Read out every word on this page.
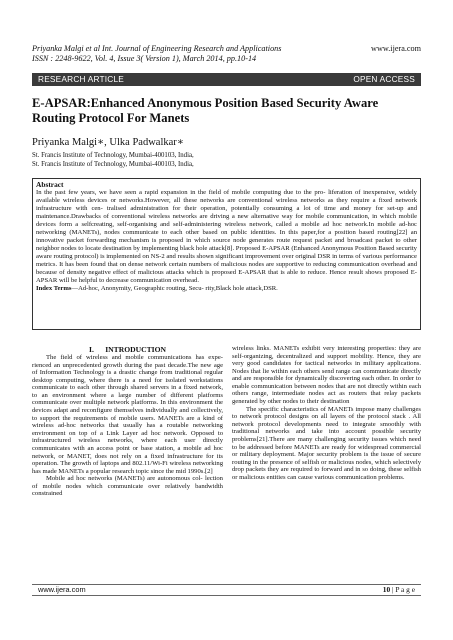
Priyanka Malgi et al Int. Journal of Engineering Research and Applications
ISSN : 2248-9622, Vol. 4, Issue 3( Version 1), March 2014, pp.10-14
www.ijera.com
RESEARCH ARTICLE	OPEN ACCESS
E-APSAR:Enhanced Anonymous Position Based Security Aware Routing Protocol For Manets
Priyanka Malgi∗, Ulka Padwalkar∗
St. Francis Institute of Technology, Mumbai-400103, India,
St. Francis Institute of Technology, Mumbai-400103, India,
Abstract
In the past few years, we have seen a rapid expansion in the field of mobile computing due to the pro- liferation of inexpensive, widely available wireless devices or networks.However, all these networks are conventional wireless networks as they require a fixed network infrastructure with cen- tralised administration for their operation, potentially consuming a lot of time and money for set-up and maintenance.Drawbacks of conventional wireless networks are driving a new alternative way for mobile communication, in which mobile devices form a selfcreating, self-organising and self-administering wireless network, called a mobile ad hoc network.In mobile ad-hoc networking (MANETs), nodes communicate to each other based on public identities. In this paper,for a position based routing[22] an innovative packet forwarding mechanism is proposed in which source node generates route request packet and broadcast packet to other neighbor nodes to locate destination by implementing black hole attack[8]. Proposed E-APSAR (Enhanced Anonymous Position Based security aware routing protocol) is implemented on NS-2 and results shown significant improvement over original DSR in terms of various performance metrics. It has been found that on dense network certain numbers of malicious nodes are supportive to reducing communication overhead and because of density negative effect of malicious attacks which is proposed E-APSAR that is able to reduce. Hence result shows proposed E-APSAR will be helpful to decrease communication overhead.
Index Terms—Ad-hoc, Anonymity, Geographic routing, Secu- rity,Black hole attack,DSR.
I.      INTRODUCTION

The field of wireless and mobile communications has expe- rienced an unprecedented growth during the past decade.The new age of Information Technology is a drastic change from traditional regular desktop computing, where there is a need for isolated workstations communicate to each other through shared servers in a fixed network, to an environment where a large number of different platforms communicate over multiple network platforms. In this environment the devices adapt and reconfigure themselves individually and collectively, to support the requirements of mobile users. MANETs are a kind of wireless ad-hoc networks that usually has a routable networking environment on top of a Link Layer ad hoc network. Opposed to infrastructured wireless networks, where each user directly communicates with an access point or base station, a mobile ad hoc network, or MANET, does not rely on a fixed infrastructure for its operation. The growth of laptops and 802.11/Wi-Fi wireless networking has made MANETs a popular research topic since the mid 1990s.[2]

Mobile ad hoc networks (MANETs) are autonomous col- lection of mobile nodes which communicate over relatively bandwidth constrained

wireless links. MANETs exhibit very interesting properties: they are self-organizing, decentralized and support mobility. Hence, they are very good candidates for tactical networks in military applications. Nodes that lie within each others send range can communicate directly and are responsible for dynamically discovering each other. In order to enable communication between nodes that are not directly within each others range, intermediate nodes act as routers that relay packets generated by other nodes to their destination

The specific characteristics of MANETs impose many challenges to network protocol designs on all layers of the protocol stack . All network protocol developments need to integrate smoothly with traditional networks and take into account possible security problems[21].There are many challenging security issues which need to be addressed before MANETs are ready for widespread commercial or military deployment. Major security problem is the issue of secure routing in the presence of selfish or malicious nodes, which selectively drop packets they are required to forward and in so doing, these selfish or malicious entities can cause various communication problems.

www.ijera.com	10 | P a g e
